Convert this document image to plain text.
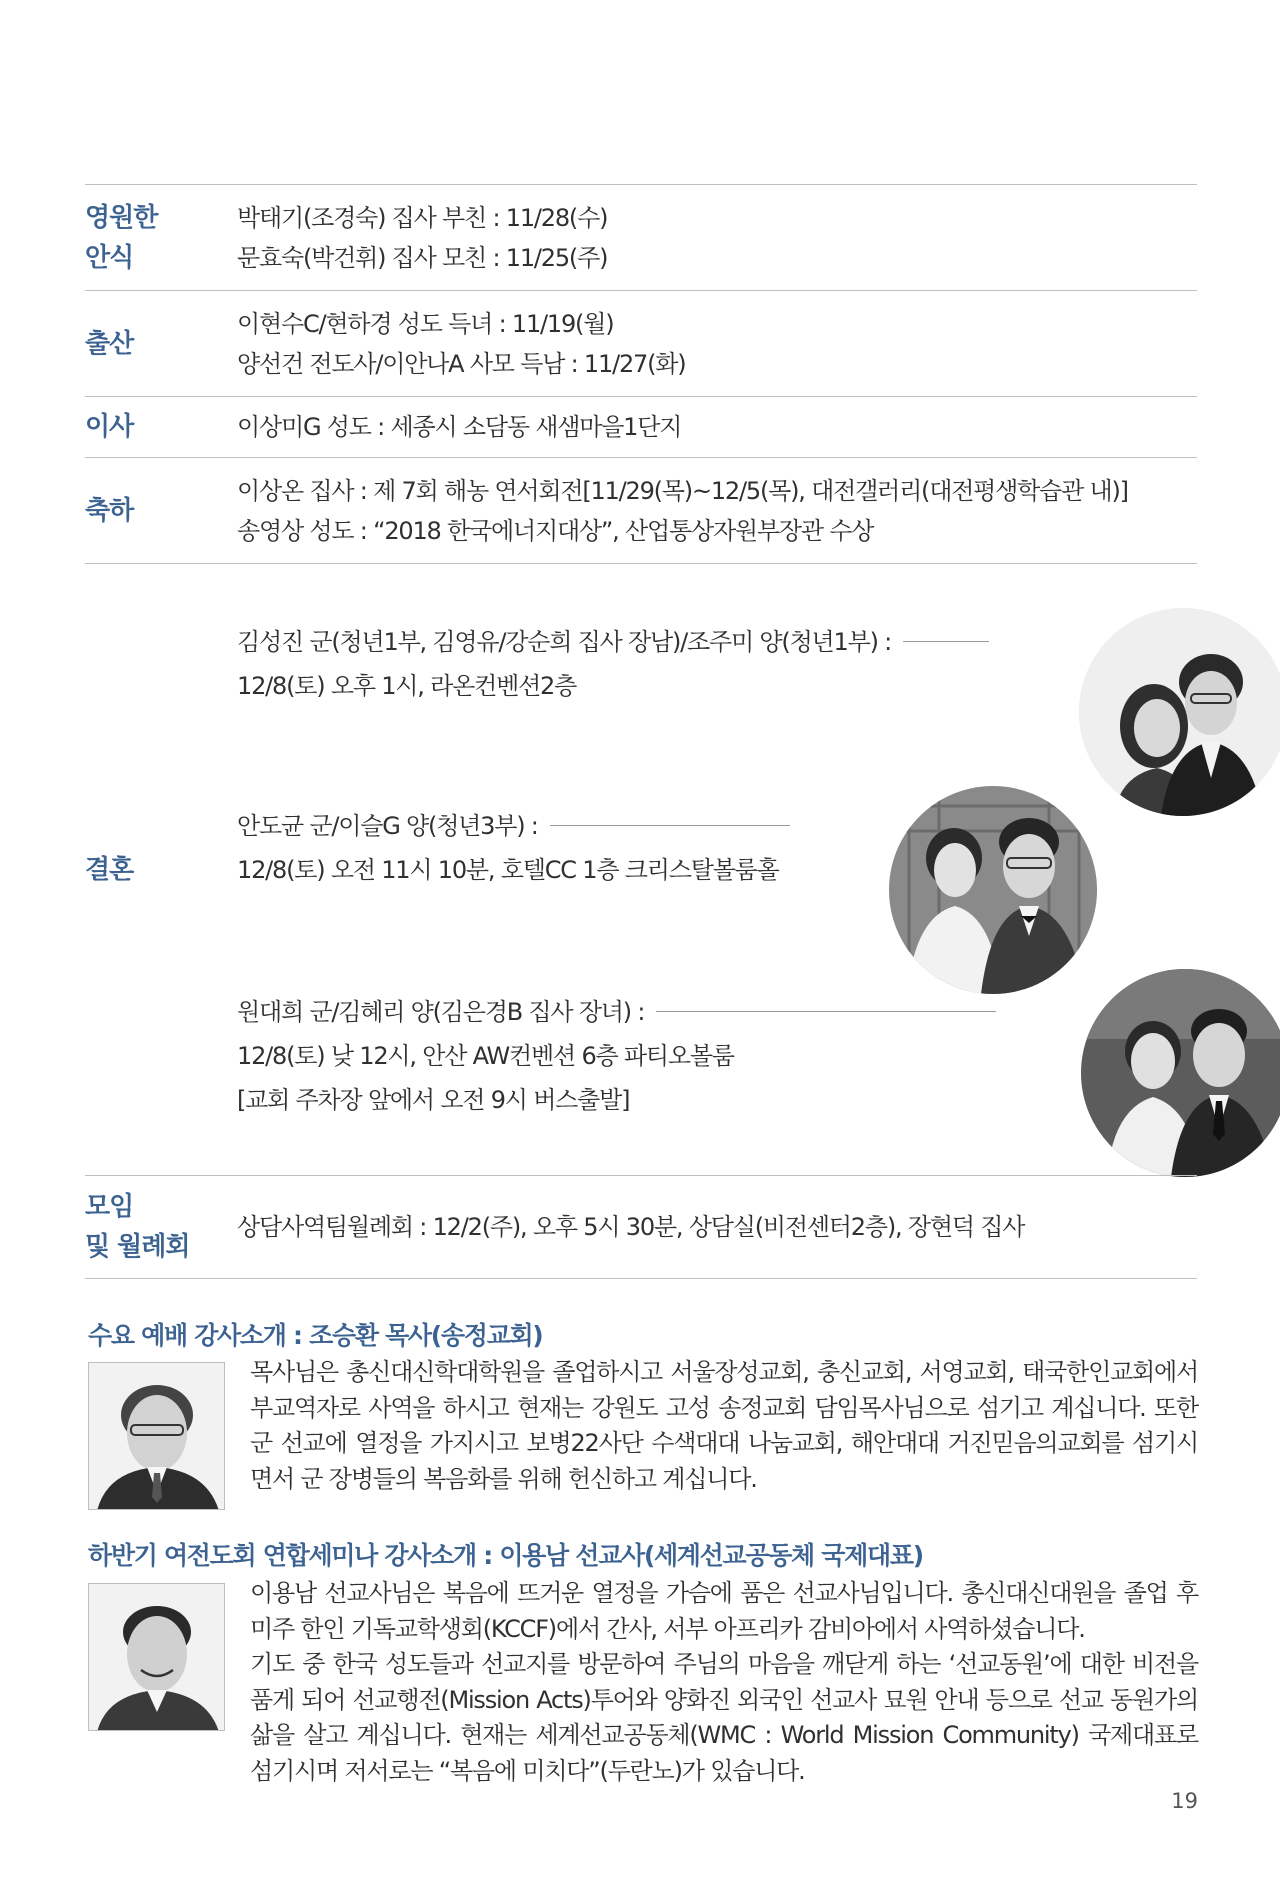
영원한
안식
박태기(조경숙) 집사 부친 : 11/28(수)
문효숙(박건휘) 집사 모친 : 11/25(주)
출산
이현수C/현하경 성도 득녀 : 11/19(월)
양선건 전도사/이안나A 사모 득남 : 11/27(화)
이사	이상미G 성도 : 세종시 소담동 새샘마을1단지
축하
이상온 집사 : 제 7회 해농 연서회전[11/29(목)~12/5(목), 대전갤러리(대전평생학습관 내)]
송영상 성도 : “2018 한국에너지대상”, 산업통상자원부장관 수상
결혼
김성진 군(청년1부, 김영유/강순희 집사 장남)/조주미 양(청년1부) :
12/8(토) 오후 1시, 라온컨벤션2층
안도균 군/이슬G 양(청년3부) :
12/8(토) 오전 11시 10분, 호텔CC 1층 크리스탈볼룸홀
원대희 군/김혜리 양(김은경B 집사 장녀) :
12/8(토) 낮 12시, 안산 AW컨벤션 6층 파티오볼룸
[교회 주차장 앞에서 오전 9시 버스출발]
모임
및 월례회
상담사역팀월례회 : 12/2(주), 오후 5시 30분, 상담실(비전센터2층), 장현덕 집사
수요 예배 강사소개 : 조승환 목사(송정교회)

목사님은 총신대신학대학원을 졸업하시고 서울장성교회, 충신교회, 서영교회, 태국한인교회에서 부교역자로 사역을 하시고 현재는 강원도 고성 송정교회 담임목사님으로 섬기고 계십니다. 또한 군 선교에 열정을 가지시고 보병22사단 수색대대 나눔교회, 해안대대 거진믿음의교회를 섬기시면서 군 장병들의 복음화를 위해 헌신하고 계십니다.

하반기 여전도회 연합세미나 강사소개 : 이용남 선교사(세계선교공동체 국제대표)

이용남 선교사님은 복음에 뜨거운 열정을 가슴에 품은 선교사님입니다. 총신대신대원을 졸업 후 미주 한인 기독교학생회(KCCF)에서 간사, 서부 아프리카 감비아에서 사역하셨습니다.

기도 중 한국 성도들과 선교지를 방문하여 주님의 마음을 깨닫게 하는 ‘선교동원’에 대한 비전을 품게 되어 선교행전(Mission Acts)투어와 양화진 외국인 선교사 묘원 안내 등으로 선교 동원가의 삶을 살고 계십니다. 현재는 세계선교공동체(WMC : World Mission Community) 국제대표로 섬기시며 저서로는 “복음에 미치다”(두란노)가 있습니다.

19
